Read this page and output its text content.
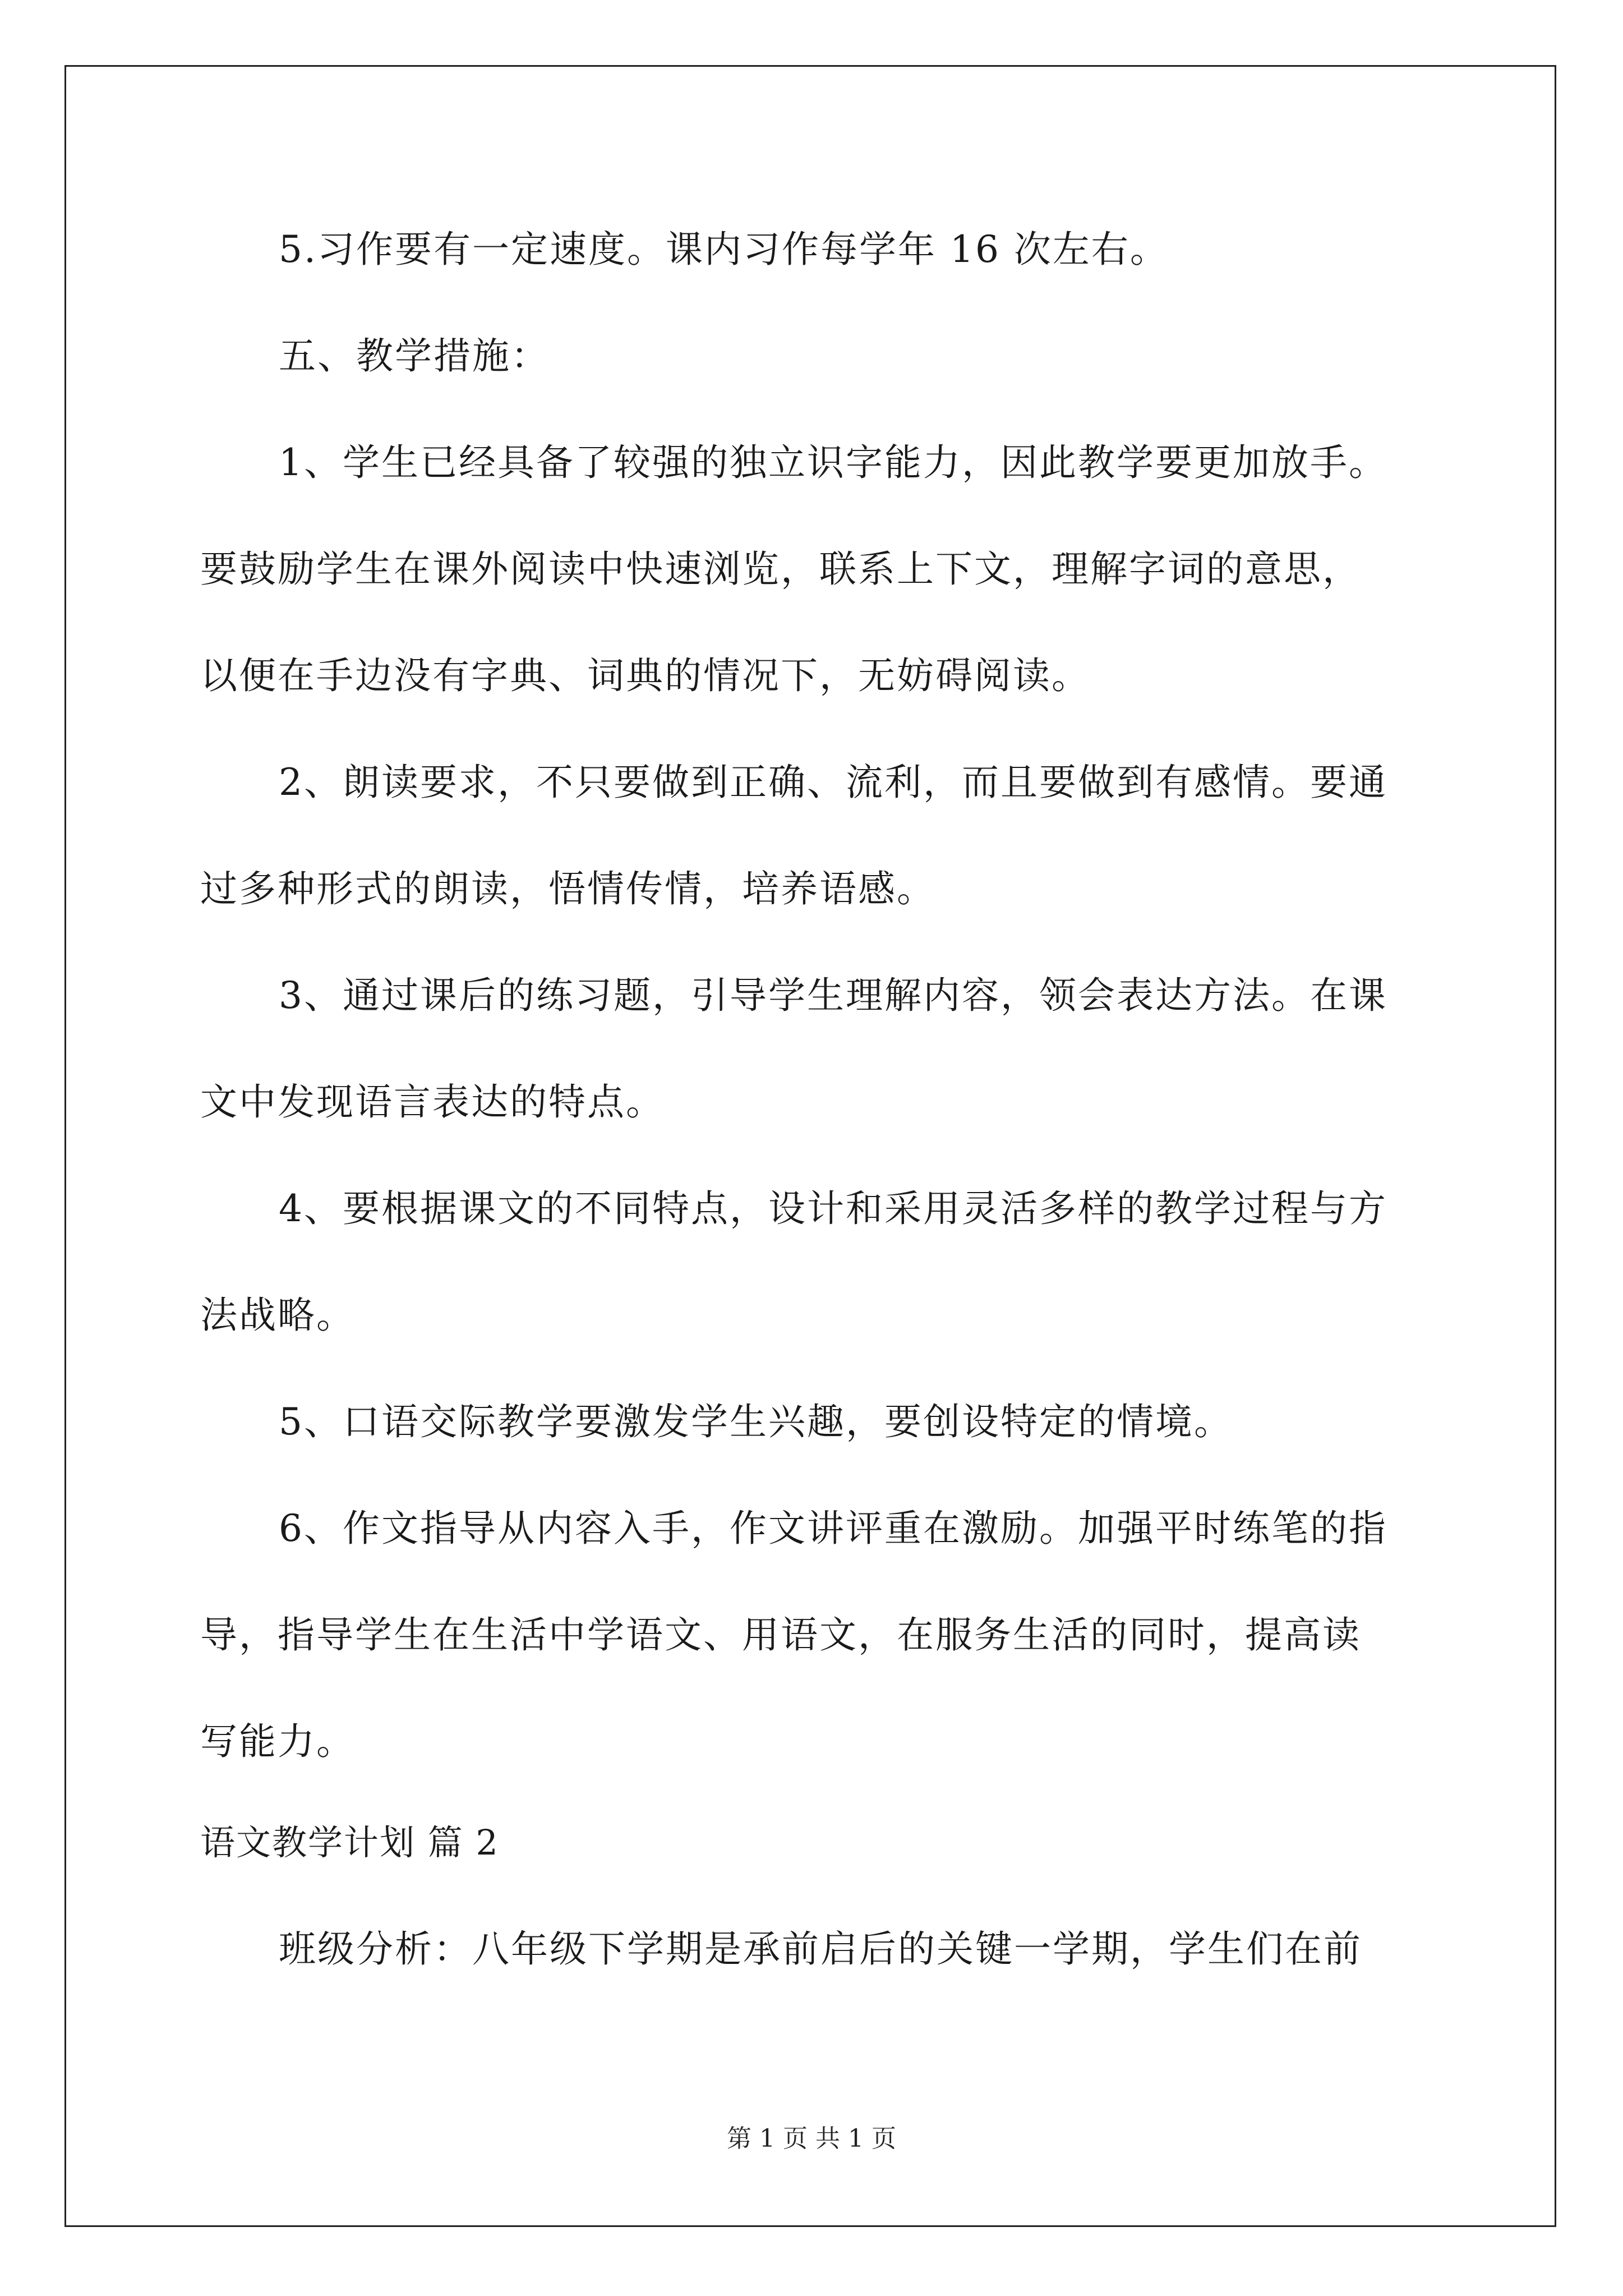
5.习作要有一定速度。课内习作每学年 16 次左右。
五、教学措施：
1、学生已经具备了较强的独立识字能力，因此教学要更加放手。
要鼓励学生在课外阅读中快速浏览，联系上下文，理解字词的意思，
以便在手边没有字典、词典的情况下，无妨碍阅读。
2、朗读要求，不只要做到正确、流利，而且要做到有感情。要通
过多种形式的朗读，悟情传情，培养语感。
3、通过课后的练习题，引导学生理解内容，领会表达方法。在课
文中发现语言表达的特点。
4、要根据课文的不同特点，设计和采用灵活多样的教学过程与方
法战略。
5、口语交际教学要激发学生兴趣，要创设特定的情境。
6、作文指导从内容入手，作文讲评重在激励。加强平时练笔的指
导，指导学生在生活中学语文、用语文，在服务生活的同时，提高读
写能力。
语文教学计划 篇 2
班级分析：八年级下学期是承前启后的关键一学期，学生们在前
第 1 页 共 1 页
